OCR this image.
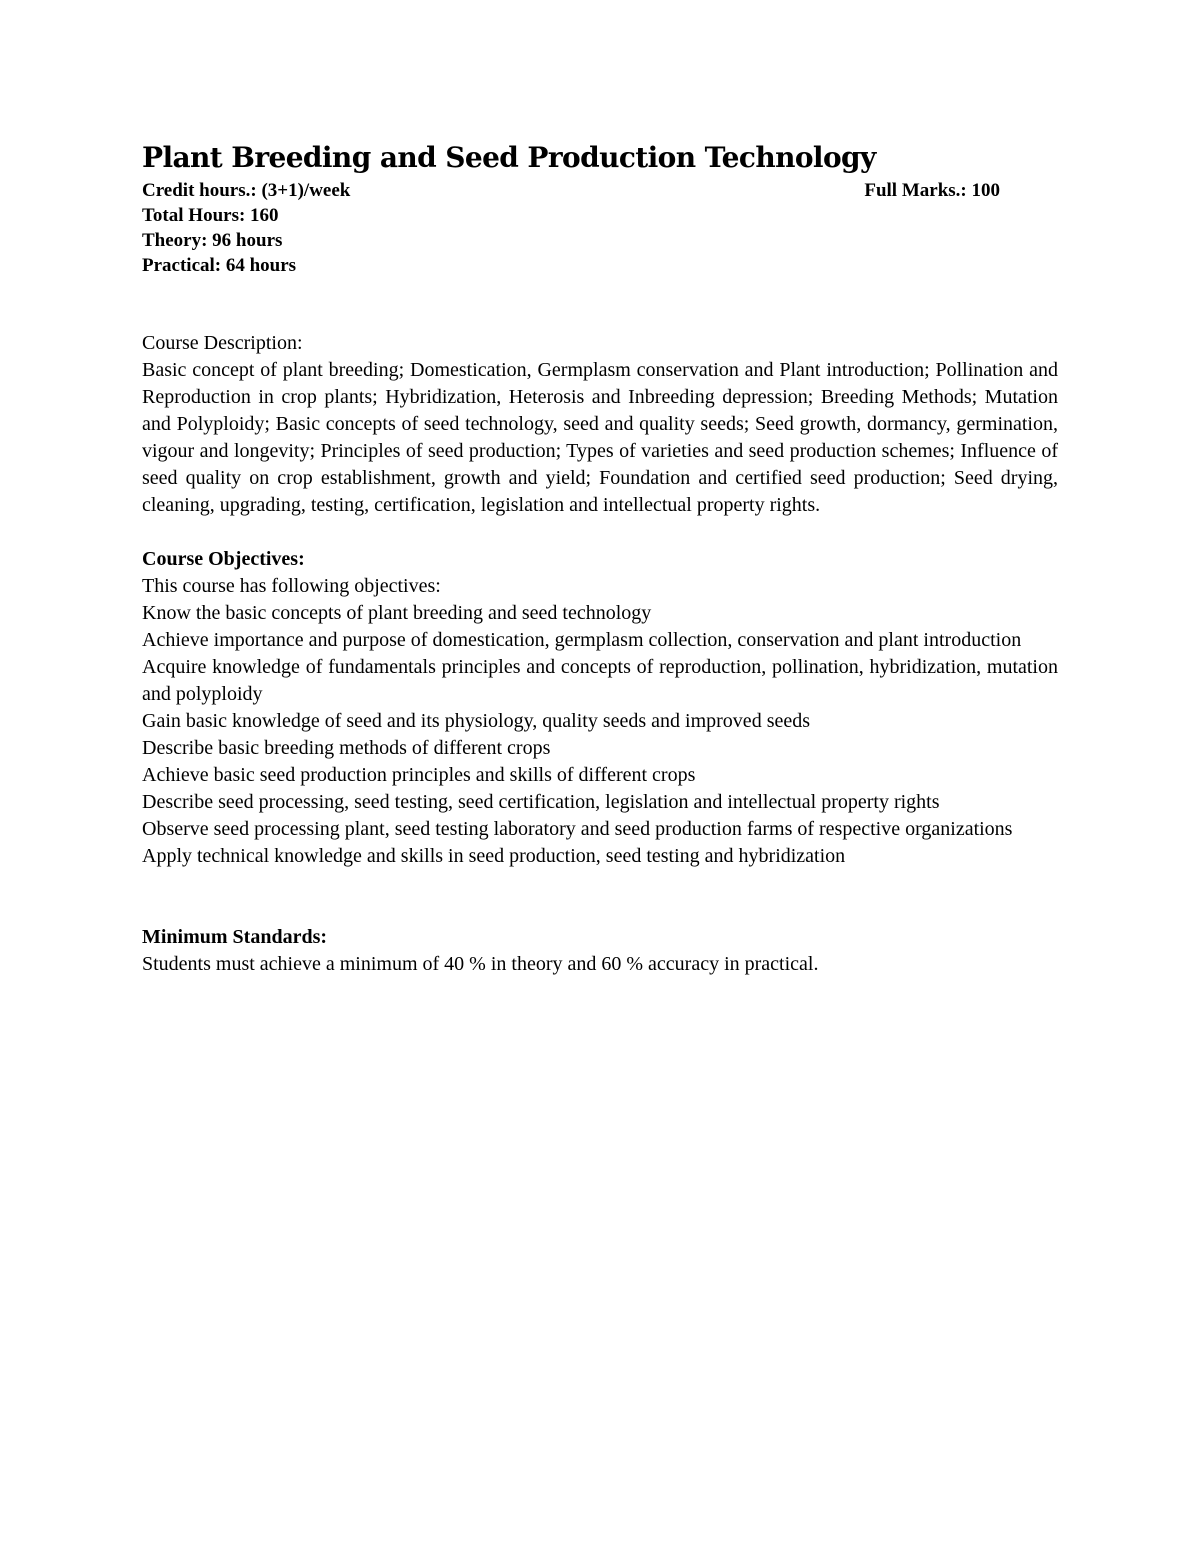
Plant Breeding and Seed Production Technology
Credit hours.: (3+1)/week	Full Marks.: 100
Total Hours: 160
Theory: 96 hours
Practical: 64 hours
Course Description:

Basic concept of plant breeding; Domestication, Germplasm conservation and Plant introduction; Pollination and Reproduction in crop plants; Hybridization, Heterosis and Inbreeding depression; Breeding Methods; Mutation and Polyploidy; Basic concepts of seed technology, seed and quality seeds; Seed growth, dormancy, germination, vigour and longevity; Principles of seed production; Types of varieties and seed production schemes; Influence of seed quality on crop establishment, growth and yield; Foundation and certified seed production; Seed drying, cleaning, upgrading, testing, certification, legislation and intellectual property rights.

Course Objectives:
This course has following objectives:
Know the basic concepts of plant breeding and seed technology
Achieve importance and purpose of domestication, germplasm collection, conservation and plant introduction
Acquire knowledge of fundamentals principles and concepts of reproduction, pollination, hybridization, mutation and polyploidy
Gain basic knowledge of seed and its physiology, quality seeds and improved seeds
Describe basic breeding methods of different crops
Achieve basic seed production principles and skills of different crops
Describe seed processing, seed testing, seed certification, legislation and intellectual property rights
Observe seed processing plant, seed testing laboratory and seed production farms of respective organizations
Apply technical knowledge and skills in seed production, seed testing and hybridization
Minimum Standards:
Students must achieve a minimum of 40 % in theory and 60 % accuracy in practical.
